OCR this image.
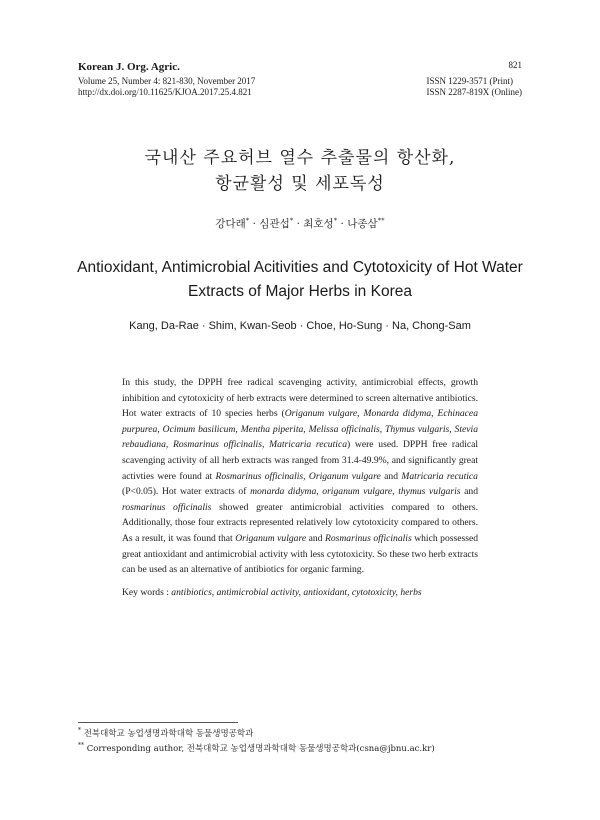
Korean J. Org. Agric.
Volume 25, Number 4: 821-830, November 2017
http://dx.doi.org/10.11625/KJOA.2017.25.4.821
821
ISSN 1229-3571 (Print)
ISSN 2287-819X (Online)
국내산 주요허브 열수 추출물의 항산화,
항균활성 및 세포독성
강다래* · 심관섭* · 최호성* · 나종삼**
Antioxidant, Antimicrobial Acitivities and Cytotoxicity of Hot Water
Extracts of Major Herbs in Korea
Kang, Da-Rae · Shim, Kwan-Seob · Choe, Ho-Sung · Na, Chong-Sam
In this study, the DPPH free radical scavenging activity, antimicrobial effects, growth inhibition and cytotoxicity of herb extracts were determined to screen alternative antibiotics. Hot water extracts of 10 species herbs (Origanum vulgare, Monarda didyma, Echinacea purpurea, Ocimum basilicum, Mentha piperita, Melissa officinalis, Thymus vulgaris, Stevia rebaudiana, Rosmarinus officinalis, Matricaria recutica) were used. DPPH free radical scavenging activity of all herb extracts was ranged from 31.4-49.9%, and significantly great activties were found at Rosmarinus officinalis, Origanum vulgare and Matricaria recutica (P<0.05). Hot water extracts of monarda didyma, origanum vulgare, thymus vulgaris and rosmarinus officinalis showed greater antimicrobial activities compared to others. Additionally, those four extracts represented relatively low cytotoxicity compared to others. As a result, it was found that Origanum vulgare and Rosmarinus officinalis which possessed great antioxidant and antimicrobial activity with less cytotoxicity. So these two herb extracts can be used as an alternative of antibiotics for organic farming.
Key words : antibiotics, antimicrobial activity, antioxidant, cytotoxicity, herbs
* 전북대학교 농업생명과학대학 동물생명공학과
** Corresponding author, 전북대학교 농업생명과학대학 동물생명공학과(csna@jbnu.ac.kr)
